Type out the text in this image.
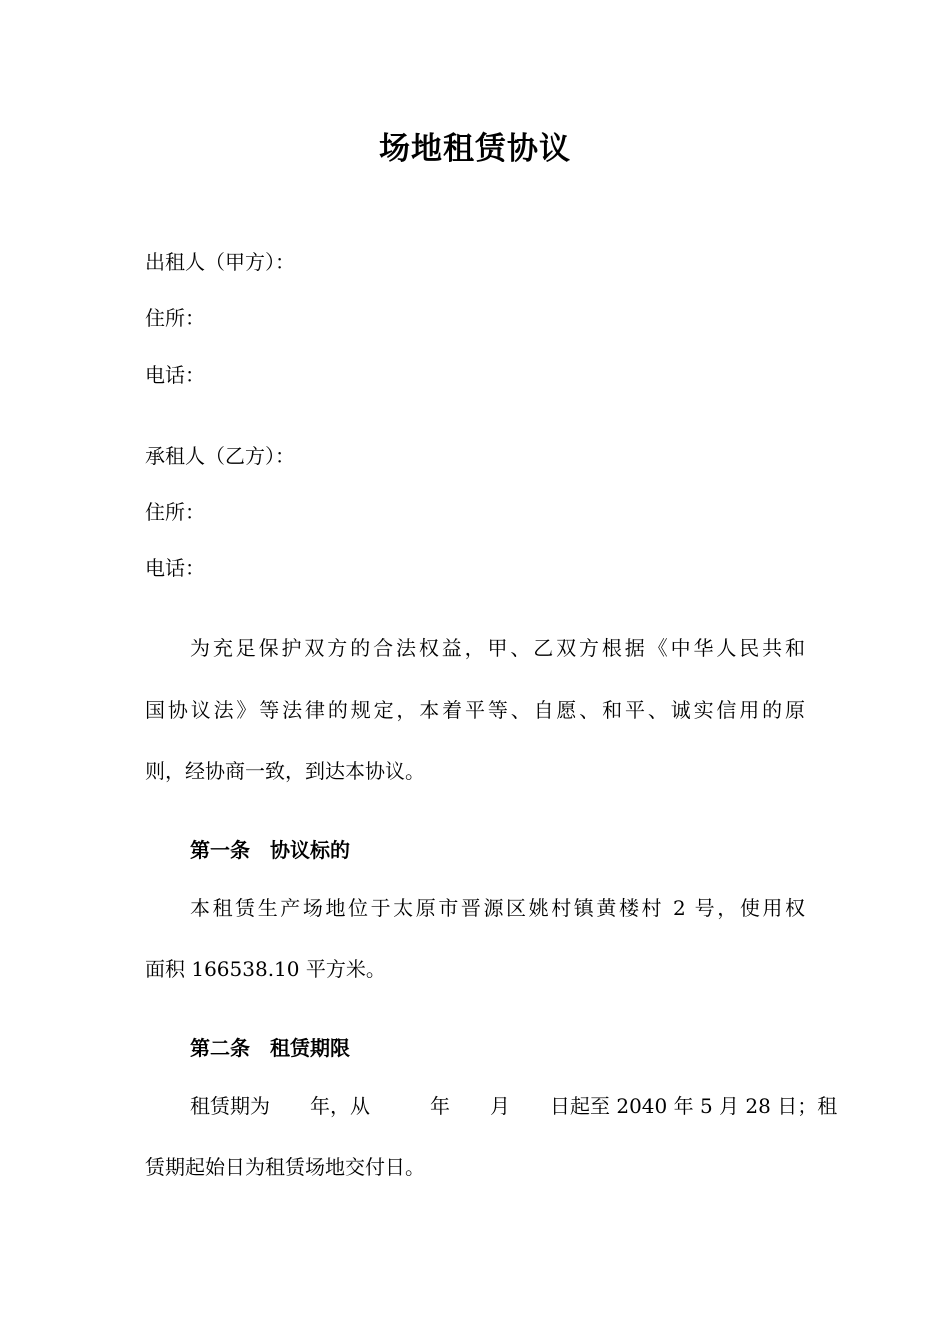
场地租赁协议
出租人（甲方）：
住所：
电话：
承租人（乙方）：
住所：
电话：
为充足保护双方的合法权益，甲、乙双方根据《中华人民共和
国协议法》等法律的规定，本着平等、自愿、和平、诚实信用的原
则，经协商一致，到达本协议。
第一条　协议标的
本租赁生产场地位于太原市晋源区姚村镇黄楼村 2 号，使用权
面积 166538.10 平方米。
第二条　租赁期限
租赁期为　　年，从　　　年　　月　　日起至 2040 年 5 月 28 日；租
赁期起始日为租赁场地交付日。
